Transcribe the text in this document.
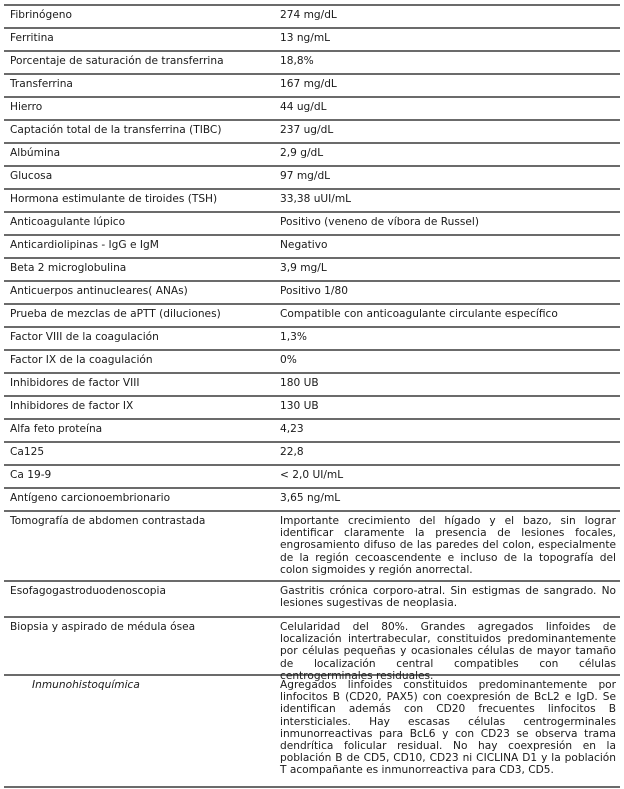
Fibrinógeno	274 mg/dL
Ferritina	13 ng/mL
Porcentaje de saturación de transferrina	18,8%
Transferrina	167 mg/dL
Hierro	44 ug/dL
Captación total de la transferrina (TIBC)	237 ug/dL
Albúmina	2,9 g/dL
Glucosa	97 mg/dL
Hormona estimulante de tiroides (TSH)	33,38 uUI/mL
Anticoagulante lúpico	Positivo (veneno de víbora de Russel)
Anticardiolipinas - IgG e IgM	Negativo
Beta 2 microglobulina	3,9 mg/L
Anticuerpos antinucleares( ANAs)	Positivo 1/80
Prueba de mezclas de aPTT (diluciones)	Compatible con anticoagulante circulante específico
Factor VIII de la coagulación	1,3%
Factor IX de la coagulación	0%
Inhibidores de factor VIII	180 UB
Inhibidores de factor IX	130 UB
Alfa feto proteína	4,23
Ca125	22,8
Ca 19-9	< 2,0 UI/mL
Antígeno carcionoembrionario	3,65 ng/mL
Tomografía de abdomen contrastada	Importante crecimiento del hígado y el bazo, sin lograr identificar claramente la presencia de lesiones focales, engrosamiento difuso de las paredes del colon, especialmente de la región cecoascendente e incluso de la topografía del colon sigmoides y región anorrectal.
Esofagogastroduodenoscopia	Gastritis crónica corporo-atral. Sin estigmas de sangrado. No lesiones sugestivas de neoplasia.
Biopsia y aspirado de médula ósea	Celularidad del 80%. Grandes agregados linfoides de localización intertrabecular, constituidos predominantemente por células pequeñas y ocasionales células de mayor tamaño de localización central compatibles con células centrogerminales residuales.
Inmunohistoquímica	Agregados linfoides constituidos predominantemente por linfocitos B (CD20, PAX5) con coexpresión de BcL2 e IgD. Se identifican además con CD20 frecuentes linfocitos B intersticiales. Hay escasas células centrogerminales inmunorreactivas para BcL6 y con CD23 se observa trama dendrítica folicular residual. No hay coexpresión en la población B de CD5, CD10, CD23 ni CICLINA D1 y la población T acompañante es inmunorreactiva para CD3, CD5.
